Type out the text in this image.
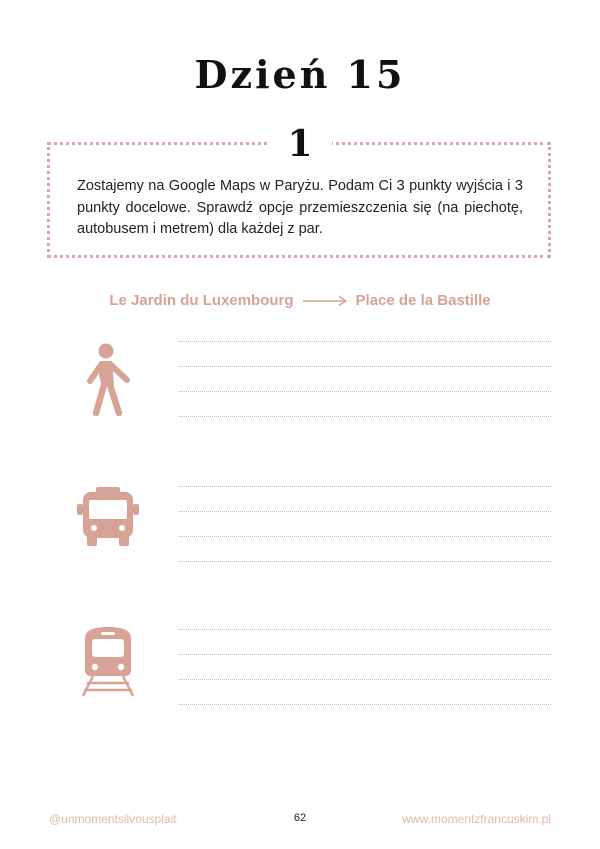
Dzień 15
1

Zostajemy na Google Maps w Paryżu. Podam Ci 3 punkty wyjścia i 3 punkty docelowe. Sprawdź opcje przemieszczenia się (na piechotę, autobusem i metrem) dla każdej z par.

Le Jardin du Luxembourg	Place de la Bastille
@unmomentsilvousplait	62	www.momentzfrancuskim.pl
